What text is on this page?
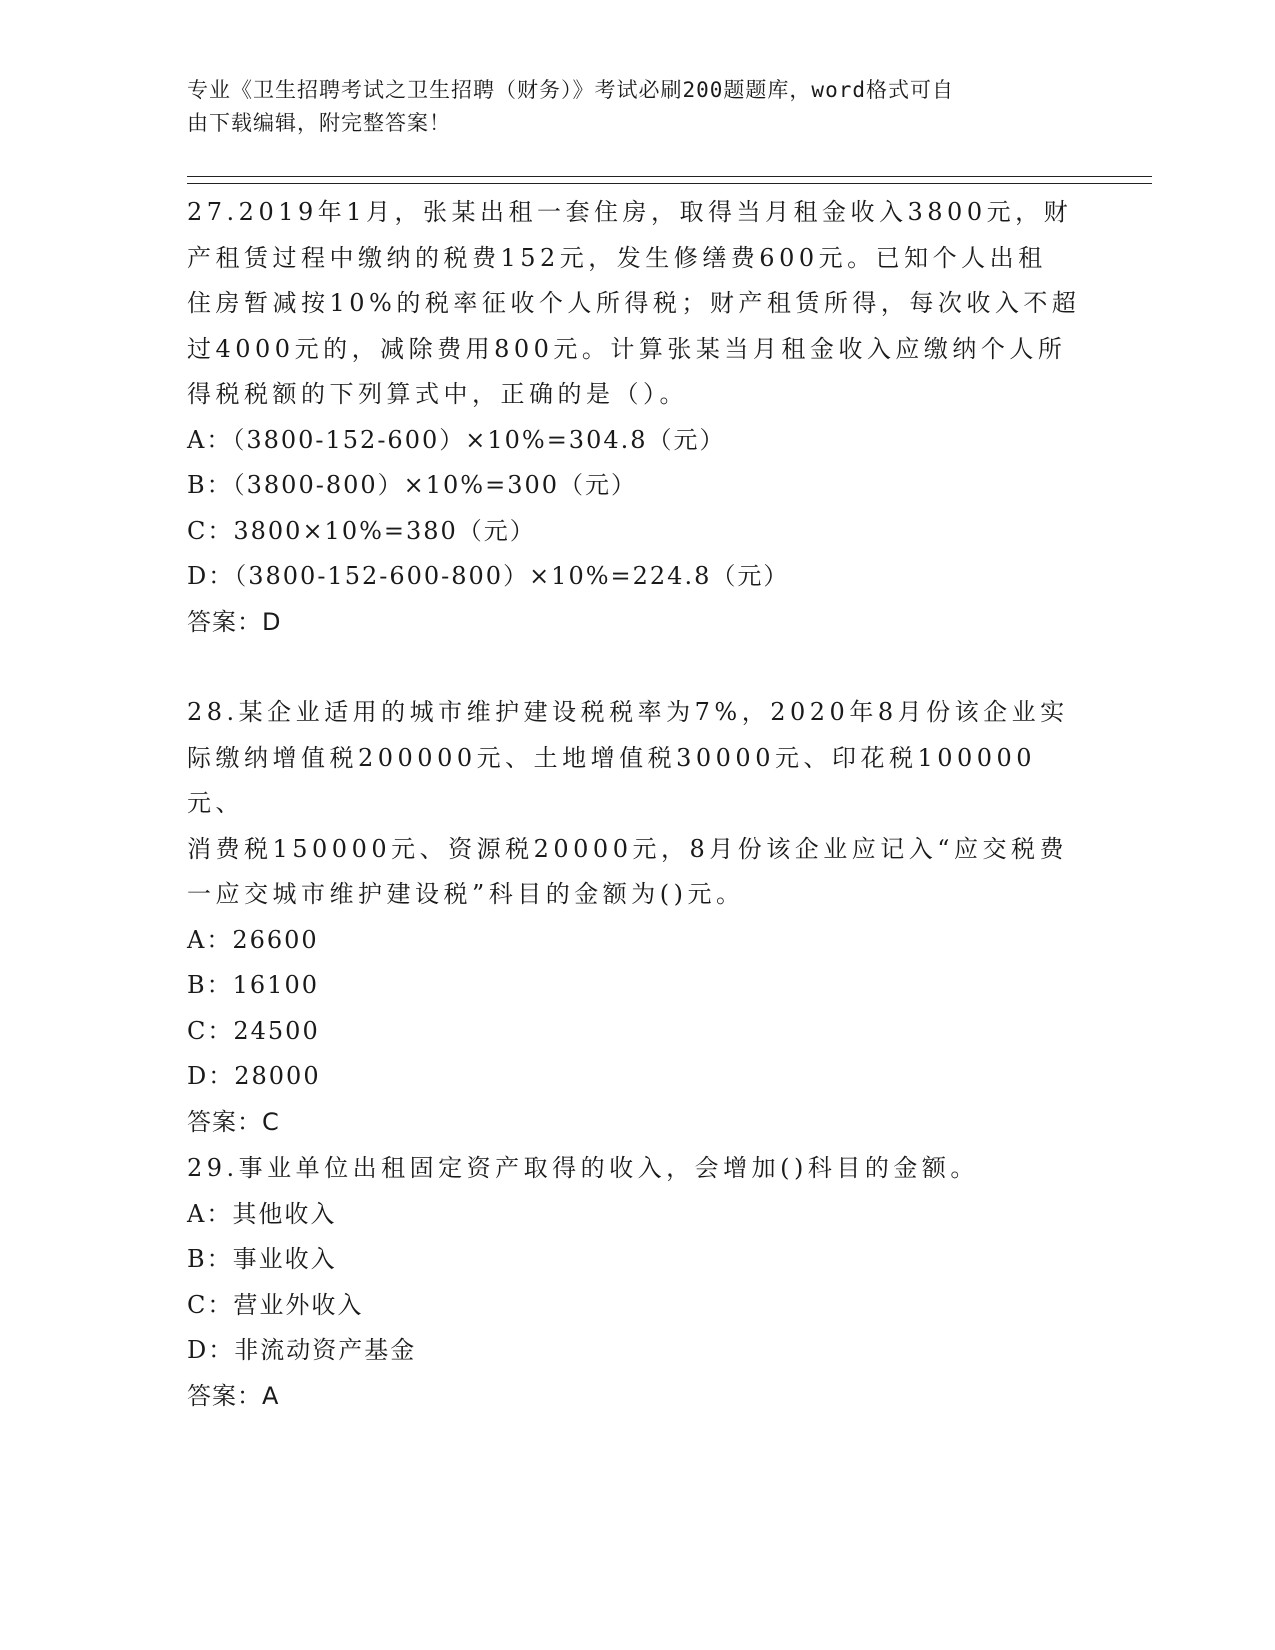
专业《卫生招聘考试之卫生招聘（财务）》考试必刷200题题库，word格式可自
由下载编辑，附完整答案！

27.2019年1月，张某出租一套住房，取得当月租金收入3800元，财

产租赁过程中缴纳的税费152元，发生修缮费600元。已知个人出租

住房暂减按10%的税率征收个人所得税；财产租赁所得，每次收入不超

过4000元的，减除费用800元。计算张某当月租金收入应缴纳个人所

得税税额的下列算式中，正确的是（）。

A：（3800-152-600）×10%=304.8（元）

B：（3800-800）×10%=300（元）

C：3800×10%=380（元）

D：（3800-152-600-800）×10%=224.8（元）

答案：D

28.某企业适用的城市维护建设税税率为7%，2020年8月份该企业实

际缴纳增值税200000元、土地增值税30000元、印花税100000元、

消费税150000元、资源税20000元，8月份该企业应记入“应交税费

一应交城市维护建设税”科目的金额为()元。

A：26600

B：16100

C：24500

D：28000

答案：C

29.事业单位出租固定资产取得的收入，会增加()科目的金额。

A：其他收入

B：事业收入

C：营业外收入

D：非流动资产基金

答案：A
